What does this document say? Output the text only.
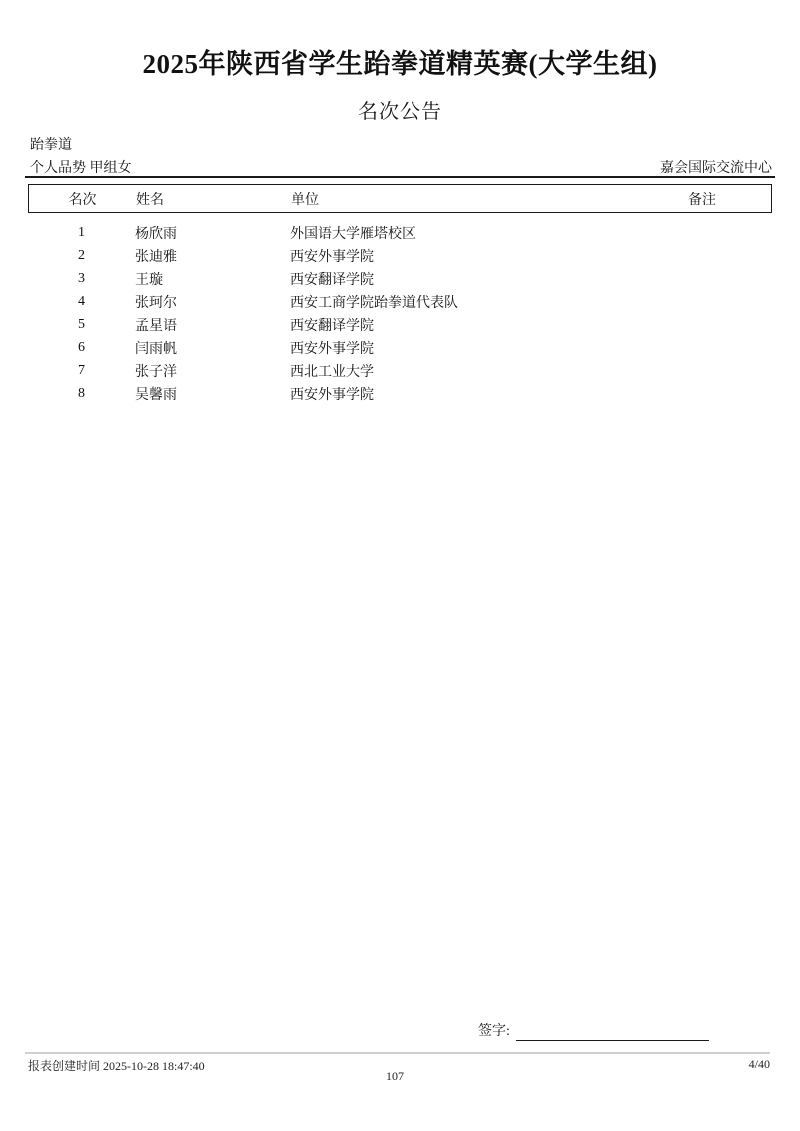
2025年陕西省学生跆拳道精英赛(大学生组)
名次公告
跆拳道
个人品势 甲组女	嘉会国际交流中心
名次	姓名	单位	备注
1	杨欣雨	外国语大学雁塔校区
2	张迪雅	西安外事学院
3	王璇	西安翻译学院
4	张珂尔	西安工商学院跆拳道代表队
5	孟星语	西安翻译学院
6	闫雨帆	西安外事学院
7	张子洋	西北工业大学
8	吴馨雨	西安外事学院
签字:
报表创建时间 2025-10-28 18:47:40	4/40
107
